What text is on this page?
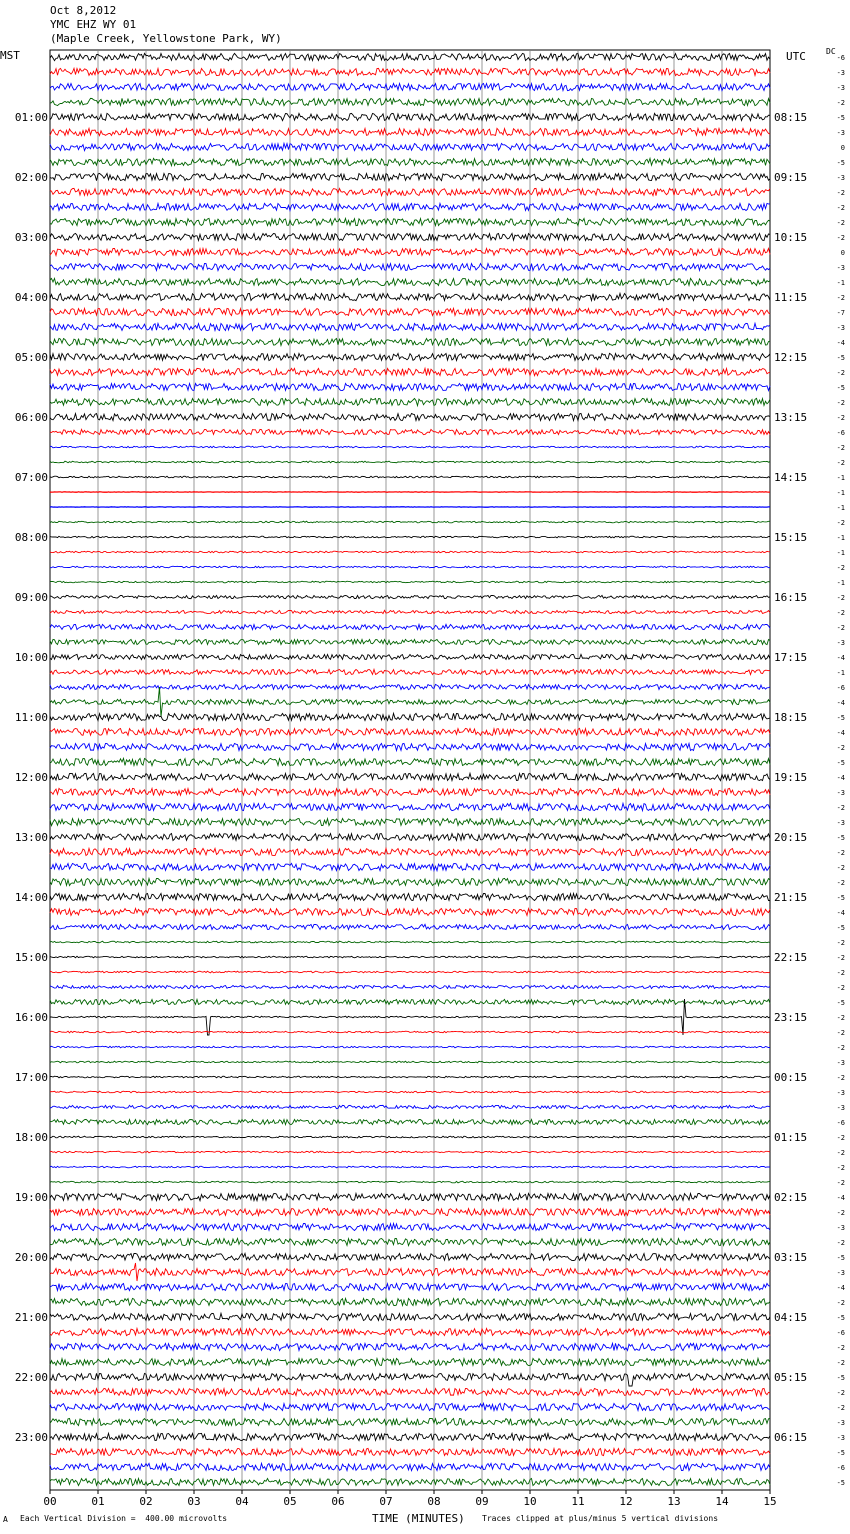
Oct 8,2012
YMC EHZ WY 01
(Maple Creek, Yellowstone Park, WY)
MST	UTC	DC
00	01	02	03	04	05	06	07	08	09	10	11	12	13	14	15
-6
-3
-3
-2
-5
-3
0
-5
-3
-2
-2
-2
-2
0
-3
-1
-2
-7
-3
-4
-5
-2
-5
-2
-2
-6
-2
-2
-1
-1
-1
-2
-1
-1
-2
-1
-2
-2
-2
-3
-4
-1
-6
-4
-5
-4
-2
-5
-4
-3
-2
-3
-5
-2
-2
-2
-5
-4
-5
-2
-2
-2
-2
-5
-2
-2
-2
-3
-2
-3
-3
-6
-2
-2
-2
-2
-4
-2
-3
-2
-5
-3
-4
-2
-5
-6
-2
-2
-5
-2
-2
-3
-3
-5
-6
-5
01:00
02:00
03:00
04:00
05:00
06:00
07:00
08:00
09:00
10:00
11:00
12:00
13:00
14:00
15:00
16:00
17:00
18:00
19:00
20:00
21:00
22:00
23:00
08:15
09:15
10:15
11:15
12:15
13:15
14:15
15:15
16:15
17:15
18:15
19:15
20:15
21:15
22:15
23:15
00:15
01:15
02:15
03:15
04:15
05:15
06:15
A Each Vertical Division =  400.00 microvolts	TIME (MINUTES) Traces clipped at plus/minus 5 vertical divisions
